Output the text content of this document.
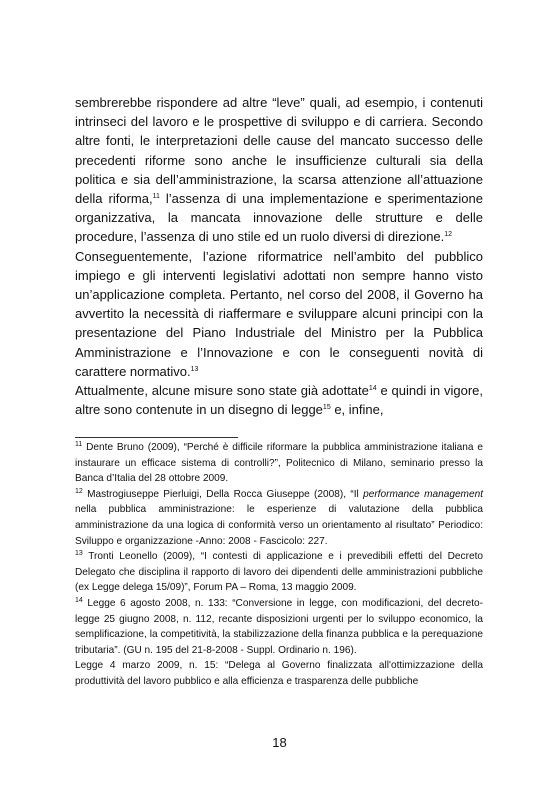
sembrerebbe rispondere ad altre “leve” quali, ad esempio, i contenuti intrinseci del lavoro e le prospettive di sviluppo e di carriera. Secondo altre fonti, le interpretazioni delle cause del mancato successo delle precedenti riforme sono anche le insufficienze culturali sia della politica e sia dell’amministrazione, la scarsa attenzione all’attuazione della riforma,$^{11}$ l’assenza di una implementazione e sperimentazione organizzativa, la mancata innovazione delle strutture e delle procedure, l’assenza di uno stile ed un ruolo diversi di direzione.$^{12}$

Conseguentemente, l’azione riformatrice nell’ambito del pubblico impiego e gli interventi legislativi adottati non sempre hanno visto un’applicazione completa. Pertanto, nel corso del 2008, il Governo ha avvertito la necessità di riaffermare e sviluppare alcuni principi con la presentazione del Piano Industriale del Ministro per la Pubblica Amministrazione e l’Innovazione e con le conseguenti novità di carattere normativo.$^{13}$

Attualmente, alcune misure sono state già adottate$^{14}$ e quindi in vigore, altre sono contenute in un disegno di legge$^{15}$ e, infine,

$^{11}$ Dente Bruno (2009), “Perché è difficile riformare la pubblica amministrazione italiana e instaurare un efficace sistema di controlli?”, Politecnico di Milano, seminario presso la Banca d’Italia del 28 ottobre 2009.

$^{12}$ Mastrogiuseppe Pierluigi, Della Rocca Giuseppe (2008), “Il performance management nella pubblica amministrazione: le esperienze di valutazione della pubblica amministrazione da una logica di conformità verso un orientamento al risultato” Periodico: Sviluppo e organizzazione -Anno: 2008 - Fascicolo: 227.

$^{13}$ Tronti Leonello (2009), “I contesti di applicazione e i prevedibili effetti del Decreto Delegato che disciplina il rapporto di lavoro dei dipendenti delle amministrazioni pubbliche (ex Legge delega 15/09)”, Forum PA – Roma, 13 maggio 2009.

$^{14}$ Legge 6 agosto 2008, n. 133: “Conversione in legge, con modificazioni, del decreto-legge 25 giugno 2008, n. 112, recante disposizioni urgenti per lo sviluppo economico, la semplificazione, la competitività, la stabilizzazione della finanza pubblica e la perequazione tributaria”. (GU n. 195 del 21-8-2008 - Suppl. Ordinario n. 196).

Legge 4 marzo 2009, n. 15: “Delega al Governo finalizzata all'ottimizzazione della produttività del lavoro pubblico e alla efficienza e trasparenza delle pubbliche

18
